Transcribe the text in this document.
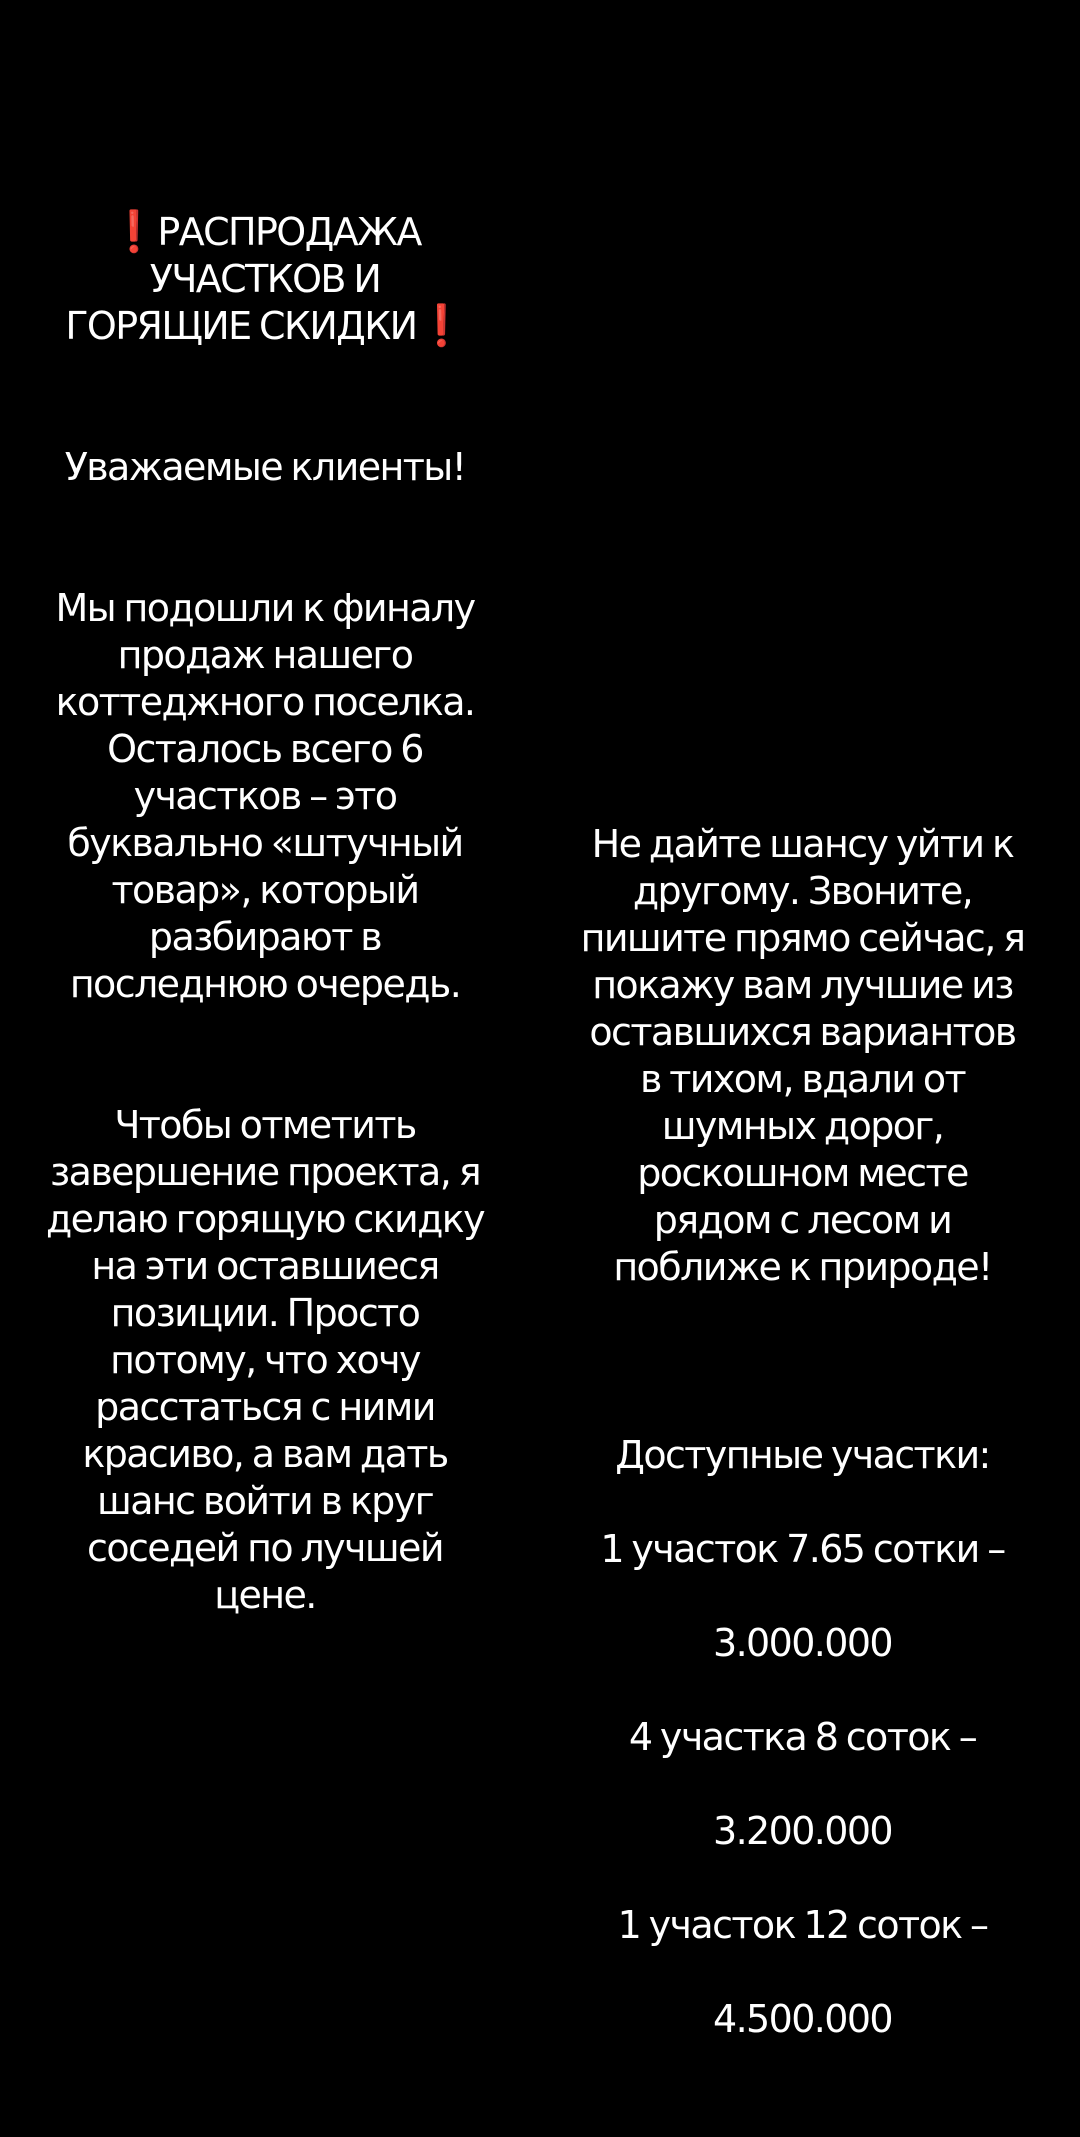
❗РАСПРОДАЖА
УЧАСТКОВ И
ГОРЯЩИЕ СКИДКИ❗

Уважаемые клиенты!

Мы подошли к финалу
продаж нашего
коттеджного поселка.
Осталось всего 6
участков – это
буквально «штучный
товар», который
разбирают в
последнюю очередь.

Чтобы отметить
завершение проекта, я
делаю горящую скидку
на эти оставшиеся
позиции. Просто
потому, что хочу
расстаться с ними
красиво, а вам дать
шанс войти в круг
соседей по лучшей
цене.

Не дайте шансу уйти к
другому. Звоните,
пишите прямо сейчас, я
покажу вам лучшие из
оставшихся вариантов
в тихом, вдали от
шумных дорог,
роскошном месте
рядом с лесом и
поближе к природе!

Доступные участки:

1 участок 7.65 сотки –

3.000.000

4 участка 8 соток –

3.200.000

1 участок 12 соток –

4.500.000
